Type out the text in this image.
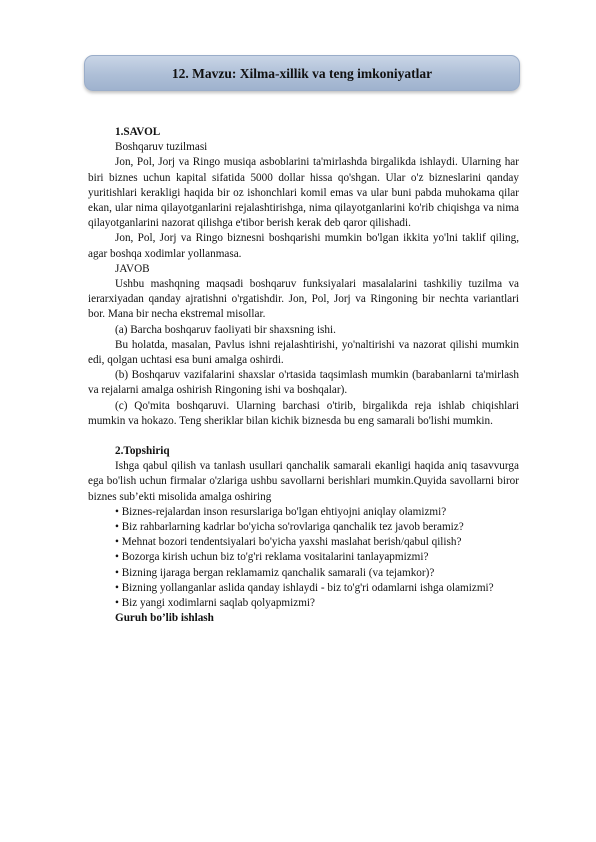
12. Mavzu: Xilma-xillik va teng imkoniyatlar

1.SAVOL

Boshqaruv tuzilmasi

Jon, Pol, Jorj va Ringo musiqa asboblarini ta'mirlashda birgalikda ishlaydi. Ularning har biri biznes uchun kapital sifatida 5000 dollar hissa qo'shgan. Ular o'z bizneslarini qanday yuritishlari kerakligi haqida bir oz ishonchlari komil emas va ular buni pabda muhokama qilar ekan, ular nima qilayotganlarini rejalashtirishga, nima qilayotganlarini ko'rib chiqishga va nima qilayotganlarini nazorat qilishga e'tibor berish kerak deb qaror qilishadi.

Jon, Pol, Jorj va Ringo biznesni boshqarishi mumkin bo'lgan ikkita yo'lni taklif qiling, agar boshqa xodimlar yollanmasa.

JAVOB

Ushbu mashqning maqsadi boshqaruv funksiyalari masalalarini tashkiliy tuzilma va ierarxiyadan qanday ajratishni o'rgatishdir. Jon, Pol, Jorj va Ringoning bir nechta variantlari bor. Mana bir necha ekstremal misollar.

(a) Barcha boshqaruv faoliyati bir shaxsning ishi.

Bu holatda, masalan, Pavlus ishni rejalashtirishi, yo'naltirishi va nazorat qilishi mumkin edi, qolgan uchtasi esa buni amalga oshirdi.

(b) Boshqaruv vazifalarini shaxslar o'rtasida taqsimlash mumkin (barabanlarni ta'mirlash va rejalarni amalga oshirish Ringoning ishi va boshqalar).

(c) Qo'mita boshqaruvi. Ularning barchasi o'tirib, birgalikda reja ishlab chiqishlari mumkin va hokazo. Teng sheriklar bilan kichik biznesda bu eng samarali bo'lishi mumkin.

2.Topshiriq

Ishga qabul qilish va tanlash usullari qanchalik samarali ekanligi haqida aniq tasavvurga ega bo'lish uchun firmalar o'zlariga ushbu savollarni berishlari mumkin.Quyida savollarni biror biznes sub’ekti misolida amalga oshiring

• Biznes-rejalardan inson resurslariga bo'lgan ehtiyojni aniqlay olamizmi?

• Biz rahbarlarning kadrlar bo'yicha so'rovlariga qanchalik tez javob beramiz?

• Mehnat bozori tendentsiyalari bo'yicha yaxshi maslahat berish/qabul qilish?

• Bozorga kirish uchun biz to'g'ri reklama vositalarini tanlayapmizmi?

• Bizning ijaraga bergan reklamamiz qanchalik samarali (va tejamkor)?

• Bizning yollanganlar aslida qanday ishlaydi - biz to'g'ri odamlarni ishga olamizmi?

• Biz yangi xodimlarni saqlab qolyapmizmi?

Guruh bo’lib ishlash
